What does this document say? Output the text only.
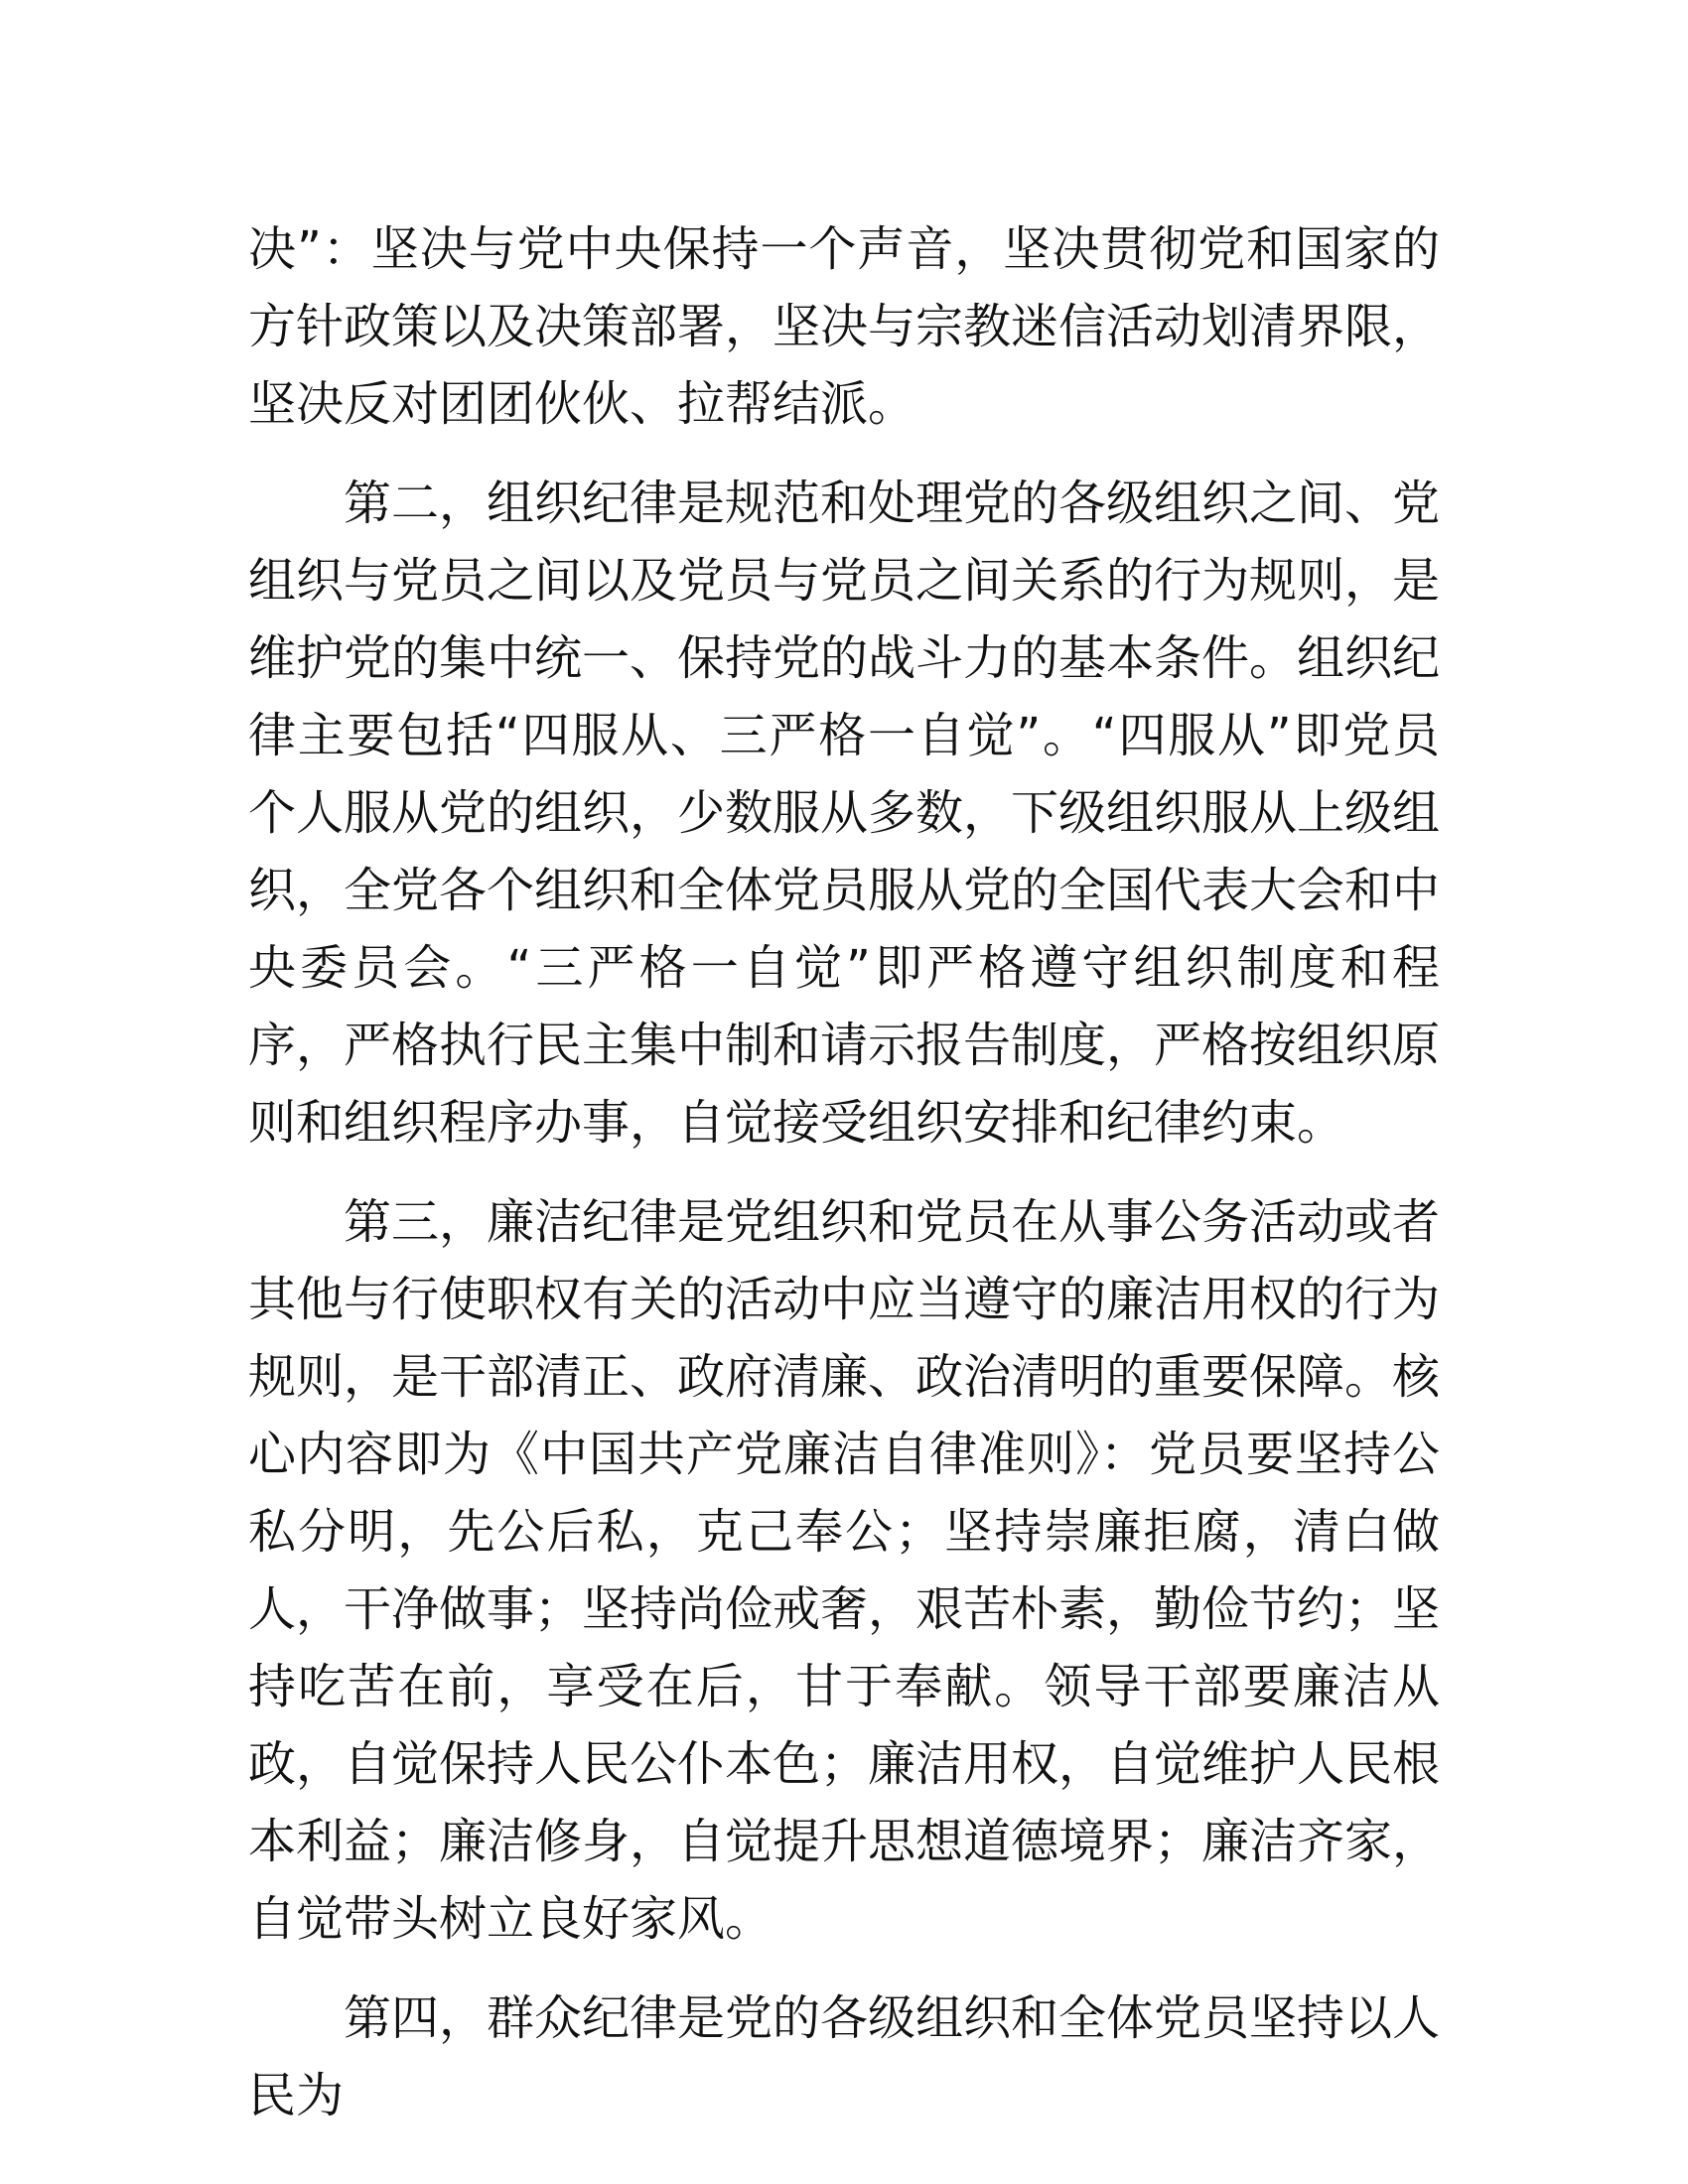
决”：坚决与党中央保持一个声音，坚决贯彻党和国家的方针政策以及决策部署，坚决与宗教迷信活动划清界限，坚决反对团团伙伙、拉帮结派。

第二，组织纪律是规范和处理党的各级组织之间、党组织与党员之间以及党员与党员之间关系的行为规则，是维护党的集中统一、保持党的战斗力的基本条件。组织纪律主要包括“四服从、三严格一自觉”。“四服从”即党员个人服从党的组织，少数服从多数，下级组织服从上级组织，全党各个组织和全体党员服从党的全国代表大会和中央委员会。“三严格一自觉”即严格遵守组织制度和程序，严格执行民主集中制和请示报告制度，严格按组织原则和组织程序办事，自觉接受组织安排和纪律约束。

第三，廉洁纪律是党组织和党员在从事公务活动或者其他与行使职权有关的活动中应当遵守的廉洁用权的行为规则，是干部清正、政府清廉、政治清明的重要保障。核心内容即为《中国共产党廉洁自律准则》：党员要坚持公私分明，先公后私，克己奉公；坚持崇廉拒腐，清白做人，干净做事；坚持尚俭戒奢，艰苦朴素，勤俭节约；坚持吃苦在前，享受在后，甘于奉献。领导干部要廉洁从政，自觉保持人民公仆本色；廉洁用权，自觉维护人民根本利益；廉洁修身，自觉提升思想道德境界；廉洁齐家，自觉带头树立良好家风。

第四，群众纪律是党的各级组织和全体党员坚持以人民为
